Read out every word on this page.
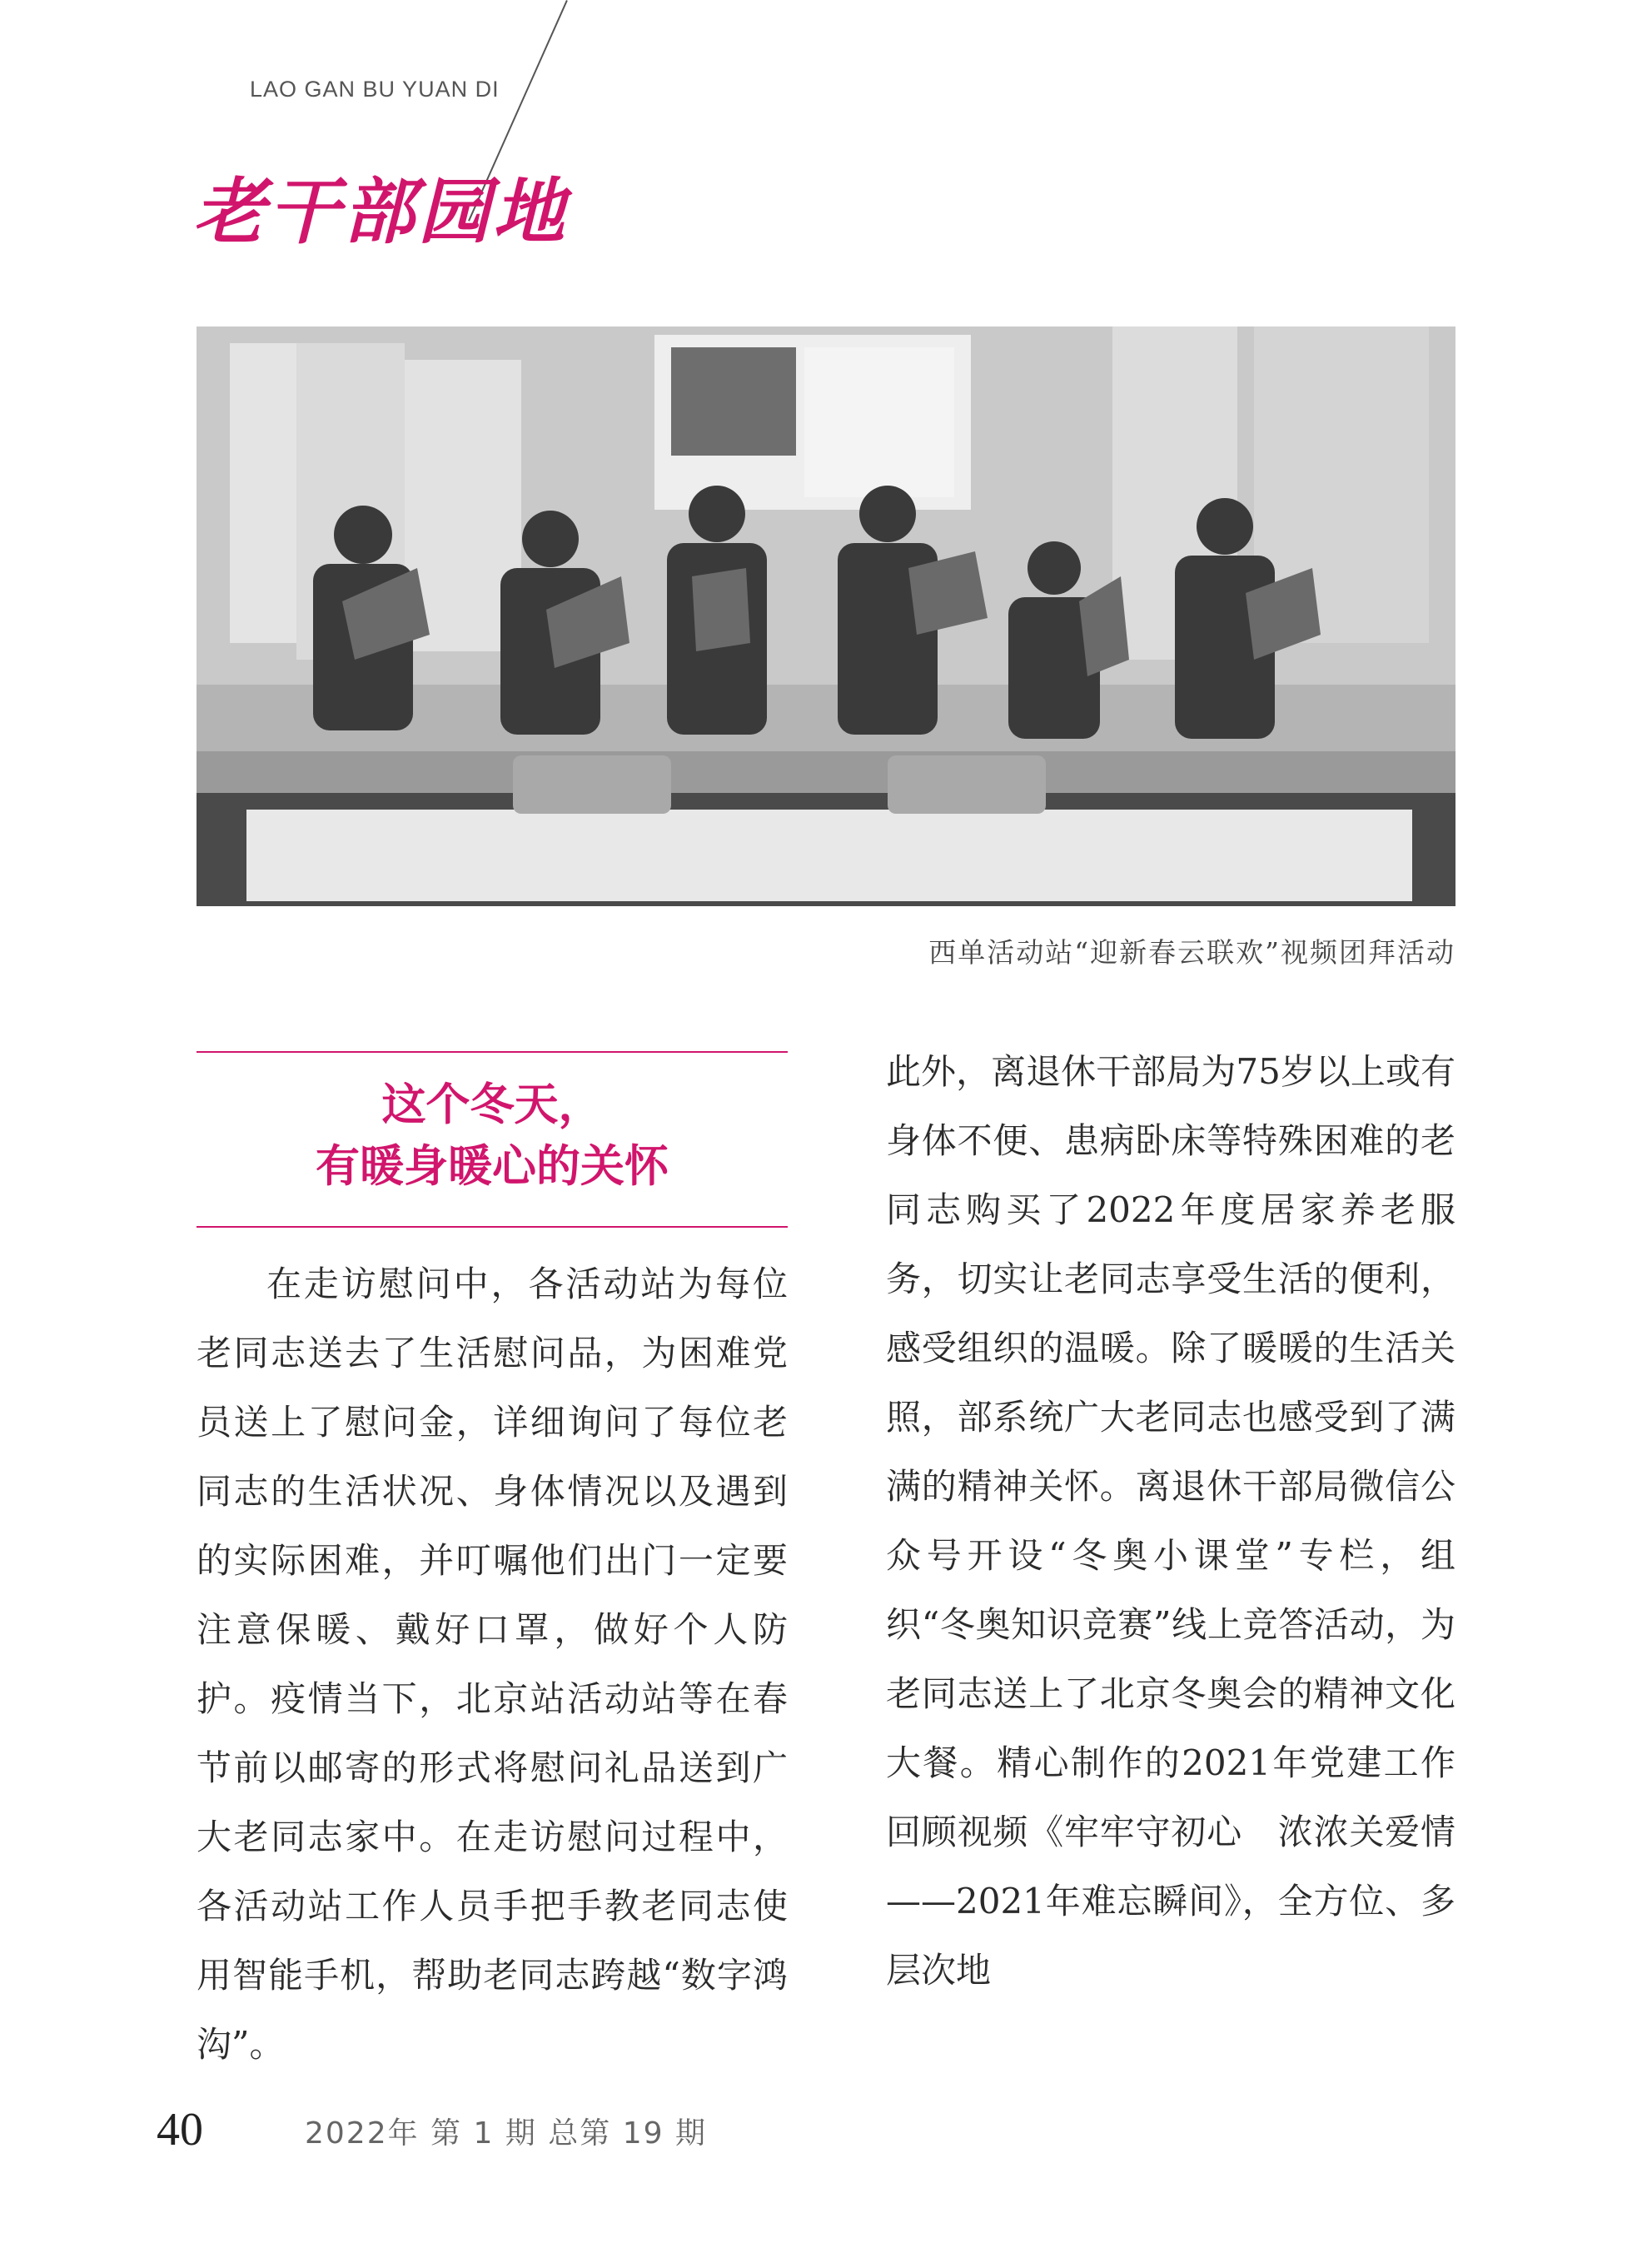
LAO GAN BU YUAN DI
老干部园地
西单活动站“迎新春云联欢”视频团拜活动
这个冬天，
有暖身暖心的关怀

在走访慰问中，各活动站为每位老同志送去了生活慰问品，为困难党员送上了慰问金，详细询问了每位老同志的生活状况、身体情况以及遇到的实际困难，并叮嘱他们出门一定要注意保暖、戴好口罩，做好个人防护。疫情当下，北京站活动站等在春节前以邮寄的形式将慰问礼品送到广大老同志家中。在走访慰问过程中，各活动站工作人员手把手教老同志使用智能手机，帮助老同志跨越“数字鸿沟”。

此外，离退休干部局为75岁以上或有身体不便、患病卧床等特殊困难的老同志购买了2022年度居家养老服务，切实让老同志享受生活的便利，感受组织的温暖。除了暖暖的生活关照，部系统广大老同志也感受到了满满的精神关怀。离退休干部局微信公众号开设“冬奥小课堂”专栏，组织“冬奥知识竞赛”线上竞答活动，为老同志送上了北京冬奥会的精神文化大餐。精心制作的2021年党建工作回顾视频《牢牢守初心　浓浓关爱情——2021年难忘瞬间》，全方位、多层次地

40	2022年 第 1 期 总第 19 期
